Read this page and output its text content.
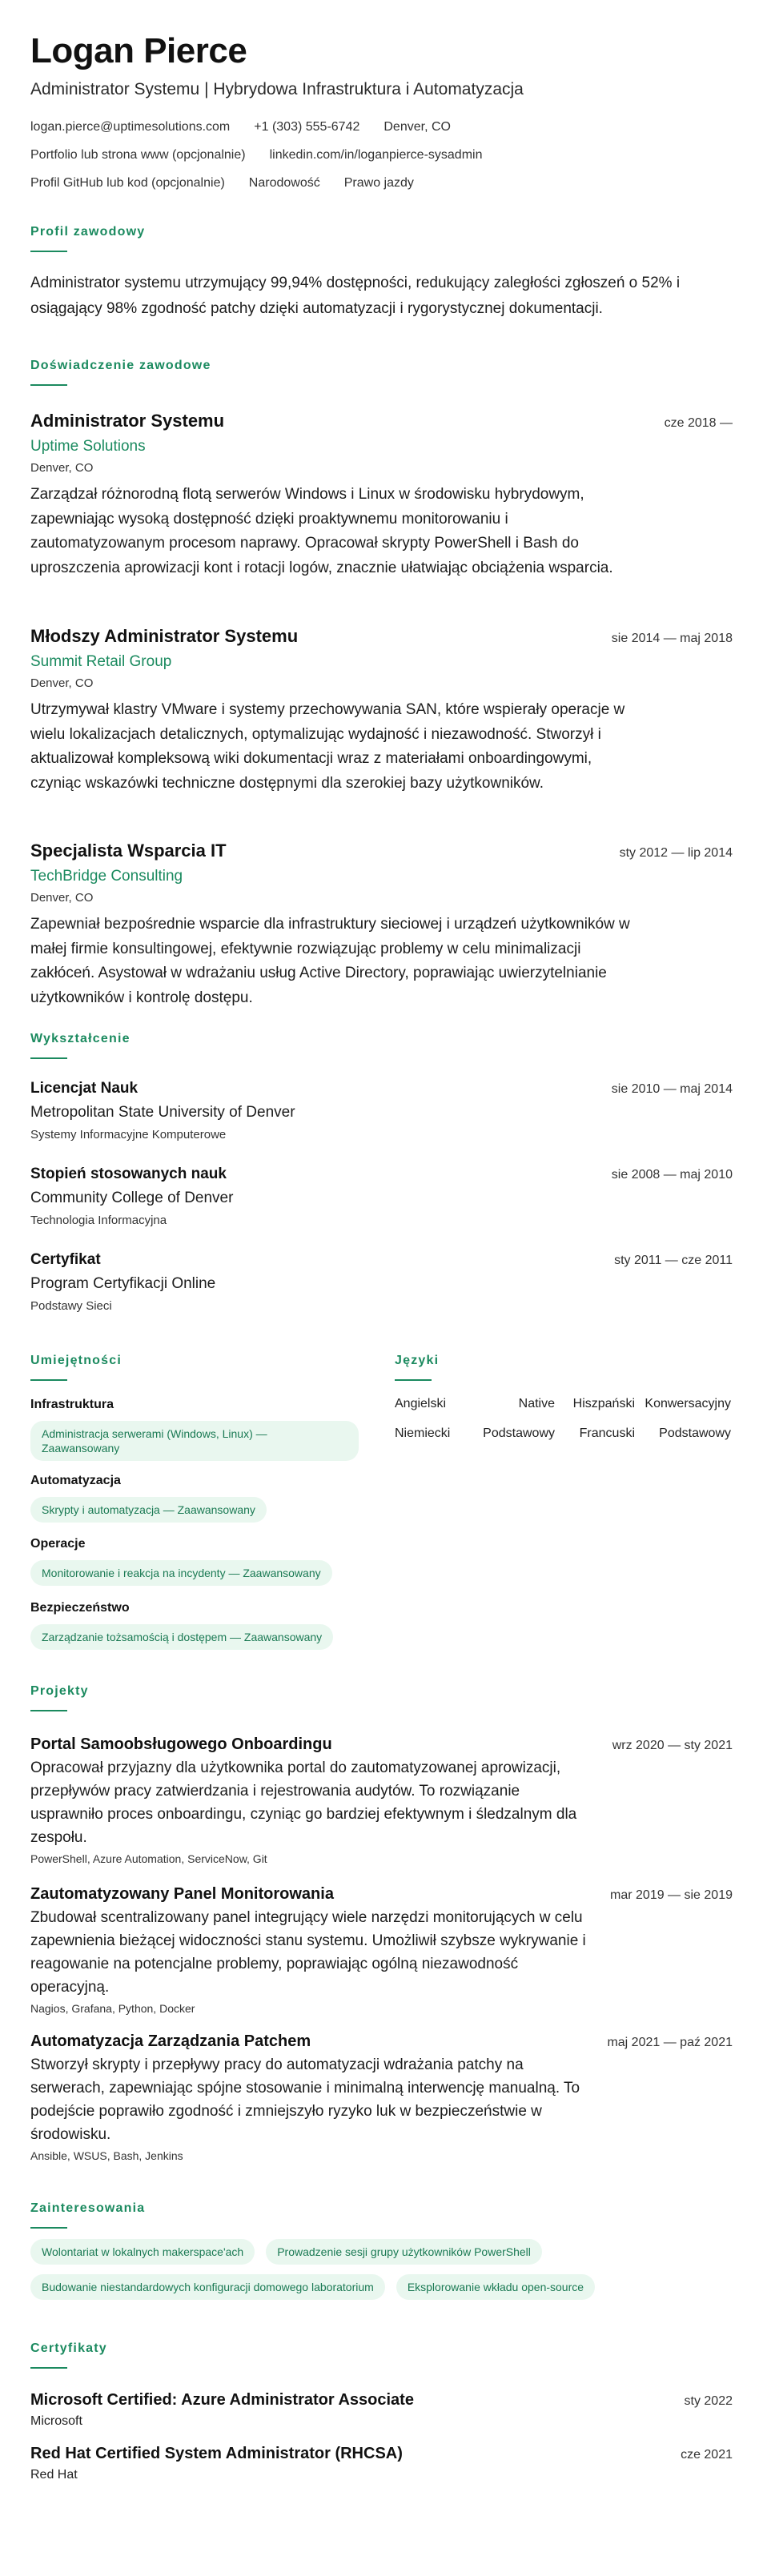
Logan Pierce
Administrator Systemu | Hybrydowa Infrastruktura i Automatyzacja
logan.pierce@uptimesolutions.com +1 (303) 555-6742 Denver, CO
Portfolio lub strona www (opcjonalnie) linkedin.com/in/loganpierce-sysadmin
Profil GitHub lub kod (opcjonalnie) Narodowość Prawo jazdy
Profil zawodowy
Administrator systemu utrzymujący 99,94% dostępności, redukujący zaległości zgłoszeń o 52% i osiągający 98% zgodność patchy dzięki automatyzacji i rygorystycznej dokumentacji.
Doświadczenie zawodowe
Administrator Systemu	cze 2018 —
Uptime Solutions
Denver, CO
Zarządzał różnorodną flotą serwerów Windows i Linux w środowisku hybrydowym, zapewniając wysoką dostępność dzięki proaktywnemu monitorowaniu i zautomatyzowanym procesom naprawy. Opracował skrypty PowerShell i Bash do uproszczenia aprowizacji kont i rotacji logów, znacznie ułatwiając obciążenia wsparcia.
Młodszy Administrator Systemu	sie 2014 — maj 2018
Summit Retail Group
Denver, CO
Utrzymywał klastry VMware i systemy przechowywania SAN, które wspierały operacje w wielu lokalizacjach detalicznych, optymalizując wydajność i niezawodność. Stworzył i aktualizował kompleksową wiki dokumentacji wraz z materiałami onboardingowymi, czyniąc wskazówki techniczne dostępnymi dla szerokiej bazy użytkowników.
Specjalista Wsparcia IT	sty 2012 — lip 2014
TechBridge Consulting
Denver, CO
Zapewniał bezpośrednie wsparcie dla infrastruktury sieciowej i urządzeń użytkowników w małej firmie konsultingowej, efektywnie rozwiązując problemy w celu minimalizacji zakłóceń. Asystował w wdrażaniu usług Active Directory, poprawiając uwierzytelnianie użytkowników i kontrolę dostępu.
Wykształcenie
Licencjat Nauk	sie 2010 — maj 2014
Metropolitan State University of Denver
Systemy Informacyjne Komputerowe
Stopień stosowanych nauk	sie 2008 — maj 2010
Community College of Denver
Technologia Informacyjna
Certyfikat	sty 2011 — cze 2011
Program Certyfikacji Online
Podstawy Sieci
Umiejętności
Infrastruktura
Administracja serwerami (Windows, Linux) — Zaawansowany
Automatyzacja
Skrypty i automatyzacja — Zaawansowany
Operacje
Monitorowanie i reakcja na incydenty — Zaawansowany
Bezpieczeństwo
Zarządzanie tożsamością i dostępem — Zaawansowany
Języki
Angielski	Native	Hiszpański Konwersacyjny
Niemiecki	Podstawowy	Francuski	Podstawowy
Projekty
Portal Samoobsługowego Onboardingu	wrz 2020 — sty 2021
Opracował przyjazny dla użytkownika portal do zautomatyzowanej aprowizacji, przepływów pracy zatwierdzania i rejestrowania audytów. To rozwiązanie usprawniło proces onboardingu, czyniąc go bardziej efektywnym i śledzalnym dla zespołu.
PowerShell, Azure Automation, ServiceNow, Git
Zautomatyzowany Panel Monitorowania	mar 2019 — sie 2019
Zbudował scentralizowany panel integrujący wiele narzędzi monitorujących w celu zapewnienia bieżącej widoczności stanu systemu. Umożliwił szybsze wykrywanie i reagowanie na potencjalne problemy, poprawiając ogólną niezawodność operacyjną.
Nagios, Grafana, Python, Docker
Automatyzacja Zarządzania Patchem	maj 2021 — paź 2021
Stworzył skrypty i przepływy pracy do automatyzacji wdrażania patchy na serwerach, zapewniając spójne stosowanie i minimalną interwencję manualną. To podejście poprawiło zgodność i zmniejszyło ryzyko luk w bezpieczeństwie w środowisku.
Ansible, WSUS, Bash, Jenkins
Zainteresowania
Wolontariat w lokalnych makerspace'ach	Prowadzenie sesji grupy użytkowników PowerShell
Budowanie niestandardowych konfiguracji domowego laboratorium	Eksplorowanie wkładu open-source
Certyfikaty
Microsoft Certified: Azure Administrator Associate	sty 2022
Microsoft
Red Hat Certified System Administrator (RHCSA)	cze 2021
Red Hat
